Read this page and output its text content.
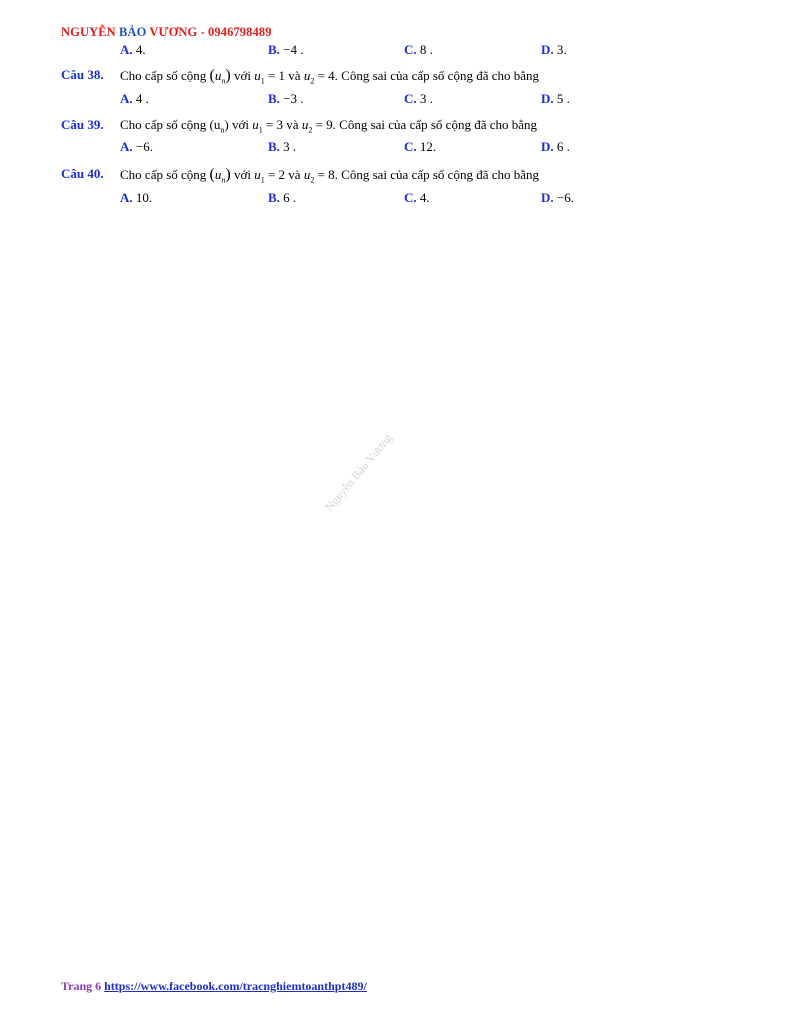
NGUYỄN BẢO VƯƠNG - 0946798489
A. 4.	B. −4 .	C. 8 .	D. 3.
Câu 38. Cho cấp số cộng $(u_n)$ với $u_1 = 1$ và $u_2 = 4$. Công sai của cấp số cộng đã cho bằng
A. 4 .	B. −3 .	C. 3 .	D. 5 .
Câu 39. Cho cấp số cộng $(u_n)$ với $u_1 = 3$ và $u_2 = 9$. Công sai của cấp số cộng đã cho bằng
A. −6.	B. 3 .	C. 12.	D. 6 .
Câu 40. Cho cấp số cộng $(u_n)$ với $u_1 = 2$ và $u_2 = 8$. Công sai của cấp số cộng đã cho bằng
A. 10.	B. 6 .	C. 4.	D. −6.
Nguyễn Bảo Vương
Trang 6 https://www.facebook.com/tracnghiemtoanthpt489/
